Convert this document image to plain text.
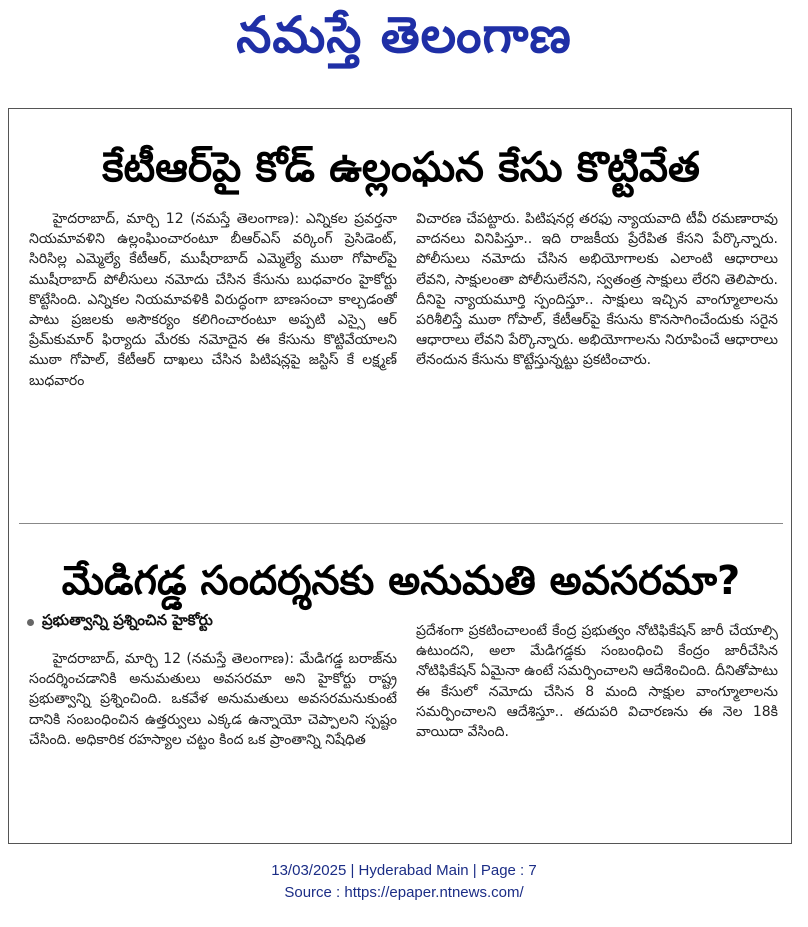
నమస్తే తెలంగాణ
కేటీఆర్‌పై కోడ్ ఉల్లంఘన కేసు కొట్టివేత

హైదరాబాద్, మార్చి 12 (నమస్తే తెలంగాణ): ఎన్నికల ప్రవర్తనా నియమావళిని ఉల్లంఘించారంటూ బీఆర్‌ఎస్ వర్కింగ్ ప్రెసిడెంట్, సిరిసిల్ల ఎమ్మెల్యే కేటీఆర్, ముషీరాబాద్ ఎమ్మెల్యే ముఠా గోపాల్‌పై ముషీరాబాద్ పోలీసులు నమోదు చేసిన కేసును బుధవారం హైకోర్టు కొట్టేసింది. ఎన్నికల నియమావళికి విరుద్ధంగా బాణసంచా కాల్చడంతో పాటు ప్రజలకు అసౌకర్యం కలిగించారంటూ అప్పటి ఎస్సై ఆర్ ప్రేమ్‌కుమార్ ఫిర్యాదు మేరకు నమోదైన ఈ కేసును కొట్టివేయాలని ముఠా గోపాల్, కేటీఆర్ దాఖలు చేసిన పిటిషన్లపై జస్టిస్ కే లక్ష్మణ్ బుధవారం

విచారణ చేపట్టారు. పిటిషనర్ల తరఫు న్యాయవాది టీవీ రమణారావు వాదనలు వినిపిస్తూ.. ఇది రాజకీయ ప్రేరేపిత కేసని పేర్కొన్నారు. పోలీసులు నమోదు చేసిన అభియోగాలకు ఎలాంటి ఆధారాలు లేవని, సాక్షులంతా పోలీసులేనని, స్వతంత్ర సాక్షులు లేరని తెలిపారు. దీనిపై న్యాయమూర్తి స్పందిస్తూ.. సాక్షులు ఇచ్చిన వాంగ్మూలాలను పరిశీలిస్తే ముఠా గోపాల్, కేటీఆర్‌పై కేసును కొనసాగించేందుకు సరైన ఆధారాలు లేవని పేర్కొన్నారు. అభియోగాలను నిరూపించే ఆధారాలు లేనందున కేసును కొట్టేస్తున్నట్టు ప్రకటించారు.

మేడిగడ్డ సందర్శనకు అనుమతి అవసరమా?
ప్రభుత్వాన్ని ప్రశ్నించిన హైకోర్టు

హైదరాబాద్, మార్చి 12 (నమస్తే తెలంగాణ): మేడిగడ్డ బరాజ్‌ను సందర్శించడానికి అనుమతులు అవసరమా అని హైకోర్టు రాష్ట్ర ప్రభుత్వాన్ని ప్రశ్నించింది. ఒకవేళ అనుమతులు అవసరమనుకుంటే దానికి సంబంధించిన ఉత్తర్వులు ఎక్కడ ఉన్నాయో చెప్పాలని స్పష్టం చేసింది. అధికారిక రహస్యాల చట్టం కింద ఒక ప్రాంతాన్ని నిషేధిత

ప్రదేశంగా ప్రకటించాలంటే కేంద్ర ప్రభుత్వం నోటిఫికేషన్ జారీ చేయాల్సి ఉటుందని, అలా మేడిగడ్డకు సంబంధించి కేంద్రం జారీచేసిన నోటిఫికేషన్ ఏమైనా ఉంటే సమర్పించాలని ఆదేశించింది. దీనితోపాటు ఈ కేసులో నమోదు చేసిన 8 మంది సాక్షుల వాంగ్మూలాలను సమర్పించాలని ఆదేశిస్తూ.. తదుపరి విచారణను ఈ నెల 18కి వాయిదా వేసింది.

13/03/2025 | Hyderabad Main | Page : 7
Source : https://epaper.ntnews.com/
